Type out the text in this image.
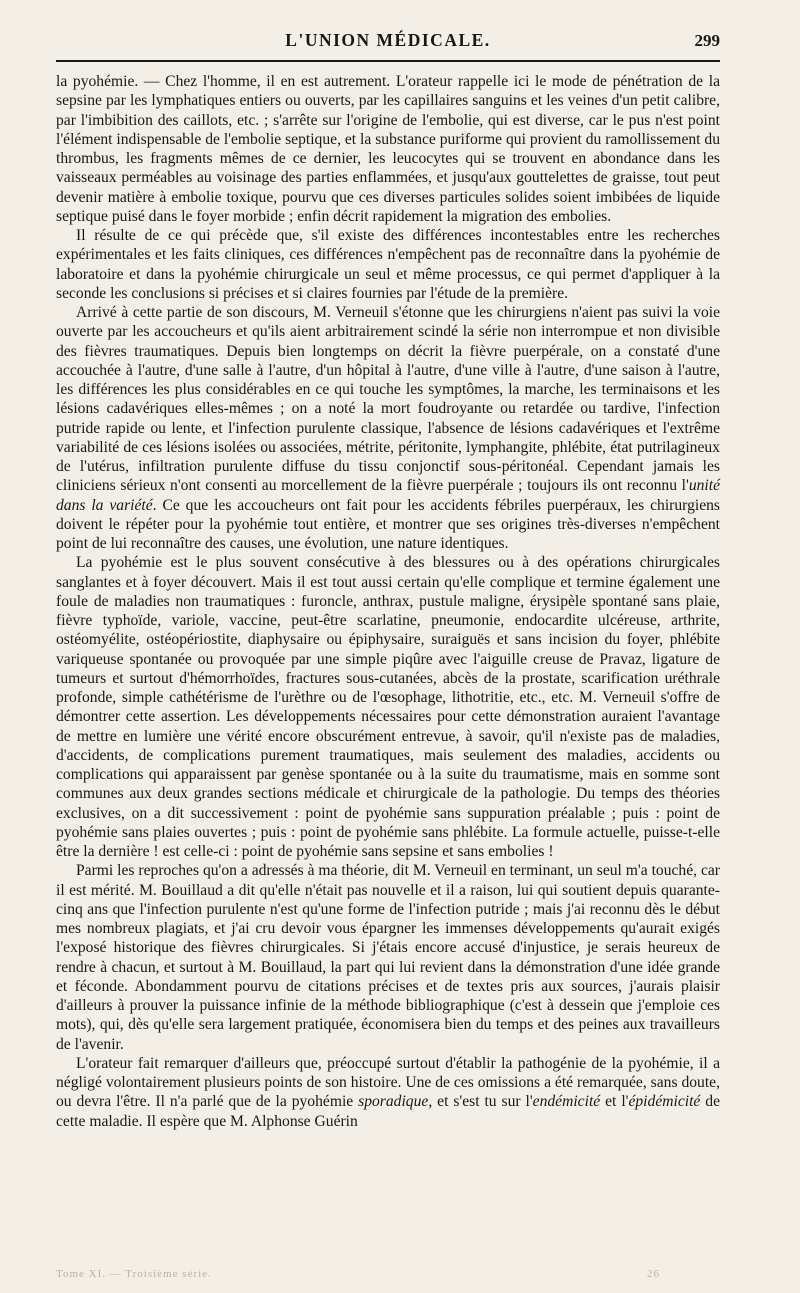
L'UNION MÉDICALE.	299

la pyohémie. — Chez l'homme, il en est autrement. L'orateur rappelle ici le mode de pénétration de la sepsine par les lymphatiques entiers ou ouverts, par les capillaires sanguins et les veines d'un petit calibre, par l'imbibition des caillots, etc. ; s'arrête sur l'origine de l'embolie, qui est diverse, car le pus n'est point l'élément indispensable de l'embolie septique, et la substance puriforme qui provient du ramollissement du thrombus, les fragments mêmes de ce dernier, les leucocytes qui se trouvent en abondance dans les vaisseaux perméables au voisinage des parties enflammées, et jusqu'aux gouttelettes de graisse, tout peut devenir matière à embolie toxique, pourvu que ces diverses particules solides soient imbibées de liquide septique puisé dans le foyer morbide ; enfin décrit rapidement la migration des embolies.

Il résulte de ce qui précède que, s'il existe des différences incontestables entre les recherches expérimentales et les faits cliniques, ces différences n'empêchent pas de reconnaître dans la pyohémie de laboratoire et dans la pyohémie chirurgicale un seul et même processus, ce qui permet d'appliquer à la seconde les conclusions si précises et si claires fournies par l'étude de la première.

Arrivé à cette partie de son discours, M. Verneuil s'étonne que les chirurgiens n'aient pas suivi la voie ouverte par les accoucheurs et qu'ils aient arbitrairement scindé la série non interrompue et non divisible des fièvres traumatiques. Depuis bien longtemps on décrit la fièvre puerpérale, on a constaté d'une accouchée à l'autre, d'une salle à l'autre, d'un hôpital à l'autre, d'une ville à l'autre, d'une saison à l'autre, les différences les plus considérables en ce qui touche les symptômes, la marche, les terminaisons et les lésions cadavériques elles-mêmes ; on a noté la mort foudroyante ou retardée ou tardive, l'infection putride rapide ou lente, et l'infection purulente classique, l'absence de lésions cadavériques et l'extrême variabilité de ces lésions isolées ou associées, métrite, péritonite, lymphangite, phlébite, état putrilagineux de l'utérus, infiltration purulente diffuse du tissu conjonctif sous-péritonéal. Cependant jamais les cliniciens sérieux n'ont consenti au morcellement de la fièvre puerpérale ; toujours ils ont reconnu l'unité dans la variété. Ce que les accoucheurs ont fait pour les accidents fébriles puerpéraux, les chirurgiens doivent le répéter pour la pyohémie tout entière, et montrer que ses origines très-diverses n'empêchent point de lui reconnaître des causes, une évolution, une nature identiques.

La pyohémie est le plus souvent consécutive à des blessures ou à des opérations chirurgicales sanglantes et à foyer découvert. Mais il est tout aussi certain qu'elle complique et termine également une foule de maladies non traumatiques : furoncle, anthrax, pustule maligne, érysipèle spontané sans plaie, fièvre typhoïde, variole, vaccine, peut-être scarlatine, pneumonie, endocardite ulcéreuse, arthrite, ostéomyélite, ostéopériostite, diaphysaire ou épiphysaire, suraiguës et sans incision du foyer, phlébite variqueuse spontanée ou provoquée par une simple piqûre avec l'aiguille creuse de Pravaz, ligature de tumeurs et surtout d'hémorrhoïdes, fractures sous-cutanées, abcès de la prostate, scarification uréthrale profonde, simple cathétérisme de l'urèthre ou de l'œsophage, lithotritie, etc., etc. M. Verneuil s'offre de démontrer cette assertion. Les développements nécessaires pour cette démonstration auraient l'avantage de mettre en lumière une vérité encore obscurément entrevue, à savoir, qu'il n'existe pas de maladies, d'accidents, de complications purement traumatiques, mais seulement des maladies, accidents ou complications qui apparaissent par genèse spontanée ou à la suite du traumatisme, mais en somme sont communes aux deux grandes sections médicale et chirurgicale de la pathologie. Du temps des théories exclusives, on a dit successivement : point de pyohémie sans suppuration préalable ; puis : point de pyohémie sans plaies ouvertes ; puis : point de pyohémie sans phlébite. La formule actuelle, puisse-t-elle être la dernière ! est celle-ci : point de pyohémie sans sepsine et sans embolies !

Parmi les reproches qu'on a adressés à ma théorie, dit M. Verneuil en terminant, un seul m'a touché, car il est mérité. M. Bouillaud a dit qu'elle n'était pas nouvelle et il a raison, lui qui soutient depuis quarante-cinq ans que l'infection purulente n'est qu'une forme de l'infection putride ; mais j'ai reconnu dès le début mes nombreux plagiats, et j'ai cru devoir vous épargner les immenses développements qu'aurait exigés l'exposé historique des fièvres chirurgicales. Si j'étais encore accusé d'injustice, je serais heureux de rendre à chacun, et surtout à M. Bouillaud, la part qui lui revient dans la démonstration d'une idée grande et féconde. Abondamment pourvu de citations précises et de textes pris aux sources, j'aurais plaisir d'ailleurs à prouver la puissance infinie de la méthode bibliographique (c'est à dessein que j'emploie ces mots), qui, dès qu'elle sera largement pratiquée, économisera bien du temps et des peines aux travailleurs de l'avenir.

L'orateur fait remarquer d'ailleurs que, préoccupé surtout d'établir la pathogénie de la pyohémie, il a négligé volontairement plusieurs points de son histoire. Une de ces omissions a été remarquée, sans doute, ou devra l'être. Il n'a parlé que de la pyohémie sporadique, et s'est tu sur l'endémicité et l'épidémicité de cette maladie. Il espère que M. Alphonse Guérin

Tome XI. — Troisième série.	26
